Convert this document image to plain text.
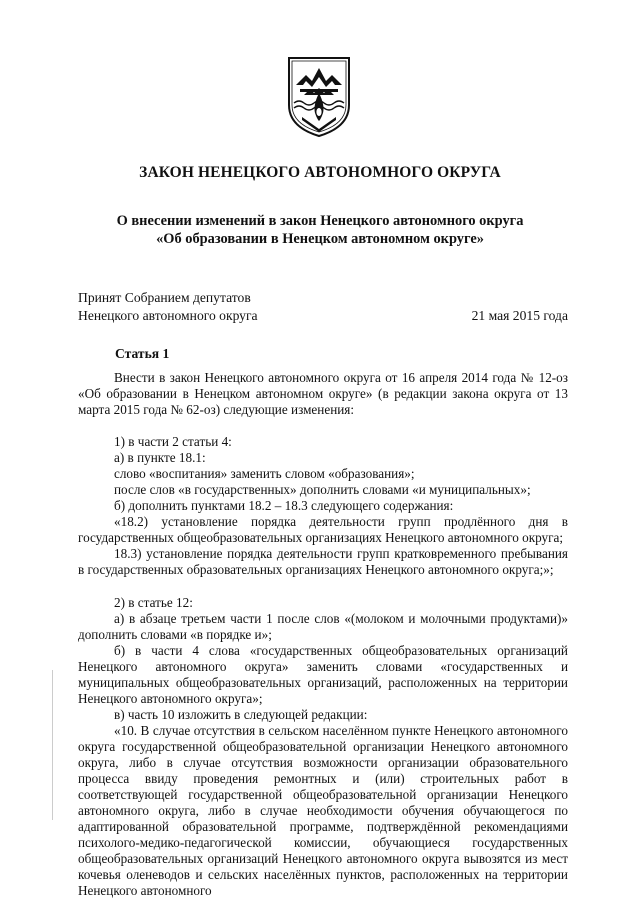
ЗАКОН НЕНЕЦКОГО АВТОНОМНОГО ОКРУГА
О внесении изменений в закон Ненецкого автономного округа
«Об образовании в Ненецком автономном округе»
Принят Собранием депутатов
Ненецкого автономного округа	21 мая 2015 года
Статья 1

Внести в закон Ненецкого автономного округа от 16 апреля 2014 года № 12-оз «Об образовании в Ненецком автономном округе» (в редакции закона округа от 13 марта 2015 года № 62-оз) следующие изменения:

1) в части 2 статьи 4:

а) в пункте 18.1:

слово «воспитания» заменить словом «образования»;

после слов «в государственных» дополнить словами «и муниципальных»;

б) дополнить пунктами 18.2 – 18.3 следующего содержания:

«18.2) установление порядка деятельности групп продлённого дня в государственных общеобразовательных организациях Ненецкого автономного округа;

18.3) установление порядка деятельности групп кратковременного пребывания в государственных образовательных организациях Ненецкого автономного округа;»;

2) в статье 12:

а) в абзаце третьем части 1 после слов «(молоком и молочными продуктами)» дополнить словами «в порядке и»;

б) в части 4 слова «государственных общеобразовательных организаций Ненецкого автономного округа» заменить словами «государственных и муниципальных общеобразовательных организаций, расположенных на территории Ненецкого автономного округа»;

в) часть 10 изложить в следующей редакции:

«10. В случае отсутствия в сельском населённом пункте Ненецкого автономного округа государственной общеобразовательной организации Ненецкого автономного округа, либо в случае отсутствия возможности организации образовательного процесса ввиду проведения ремонтных и (или) строительных работ в соответствующей государственной общеобразовательной организации Ненецкого автономного округа, либо в случае необходимости обучения обучающегося по адаптированной образовательной программе, подтверждённой рекомендациями психолого-медико-педагогической комиссии, обучающиеся государственных общеобразовательных организаций Ненецкого автономного округа вывозятся из мест кочевья оленеводов и сельских населённых пунктов, расположенных на территории Ненецкого автономного
